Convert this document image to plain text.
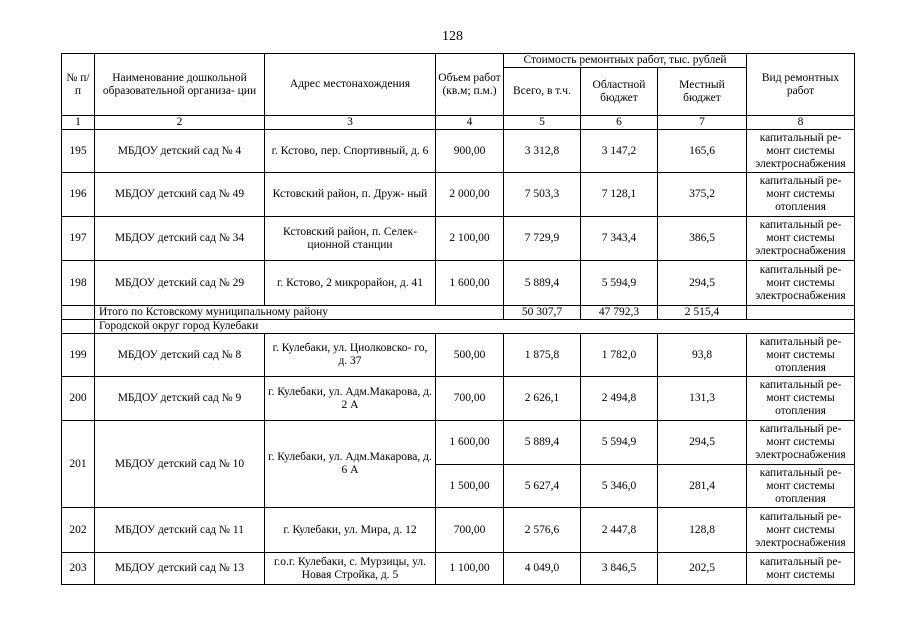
128
№ п/п	Наименование дошкольной образовательной организа- ции	Адрес местонахождения	Объем работ (кв.м; п.м.)	Стоимость ремонтных работ, тыс. рублей			Вид ремонтных работ
				Всего, в т.ч.	Областной бюджет	Местный бюджет	
1	2	3	4	5	6	7	8
195	МБДОУ детский сад № 4	г. Кстово, пер. Спортивный, д. 6	900,00	3 312,8	3 147,2	165,6	капитальный ре- монт системы электроснабжения
196	МБДОУ детский сад № 49	Кстовский район, п. Друж- ный	2 000,00	7 503,3	7 128,1	375,2	капитальный ре- монт системы отопления
197	МБДОУ детский сад № 34	Кстовский район, п. Селек- ционной станции	2 100,00	7 729,9	7 343,4	386,5	капитальный ре- монт системы электроснабжения
198	МБДОУ детский сад № 29	г. Кстово, 2 микрорайон, д. 41	1 600,00	5 889,4	5 594,9	294,5	капитальный ре- монт системы электроснабжения
	Итого по Кстовскому муниципальному району			50 307,7	47 792,3	2 515,4	
	Городской округ город Кулебаки						
199	МБДОУ детский сад № 8	г. Кулебаки, ул. Циолковско- го, д. 37	500,00	1 875,8	1 782,0	93,8	капитальный ре- монт системы отопления
200	МБДОУ детский сад № 9	г. Кулебаки, ул. Адм.Макарова, д. 2 А	700,00	2 626,1	2 494,8	131,3	капитальный ре- монт системы отопления
201	МБДОУ детский сад № 10	г. Кулебаки, ул. Адм.Макарова, д. 6 А	1 600,00	5 889,4	5 594,9	294,5	капитальный ре- монт системы электроснабжения
			1 500,00	5 627,4	5 346,0	281,4	капитальный ре- монт системы отопления
202	МБДОУ детский сад № 11	г. Кулебаки, ул. Мира, д. 12	700,00	2 576,6	2 447,8	128,8	капитальный ре- монт системы электроснабжения
203	МБДОУ детский сад № 13	г.о.г. Кулебаки, с. Мурзицы, ул. Новая Стройка, д. 5	1 100,00	4 049,0	3 846,5	202,5	капитальный ре- монт системы
